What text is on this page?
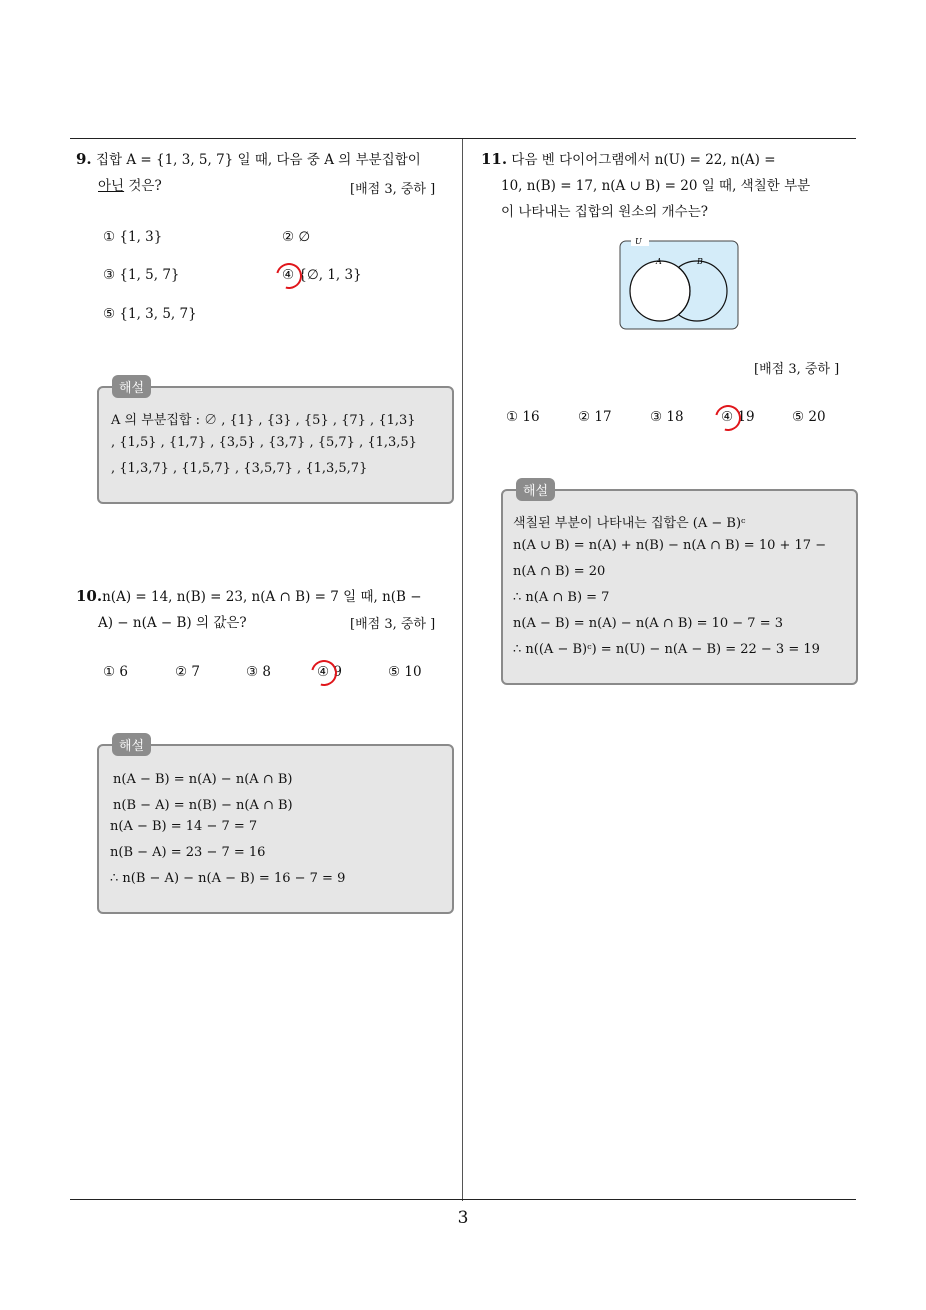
9. 집합 A = {1, 3, 5, 7} 일 때, 다음 중 A 의 부분집합이
아닌 것은?	[배점 3, 중하 ]
① {1, 3}	② ∅
③ {1, 5, 7}	④ {∅, 1, 3}
⑤ {1, 3, 5, 7}
해설
A 의 부분집합 : ∅ , {1} , {3} , {5} , {7} , {1,3}
, {1,5} , {1,7} , {3,5} , {3,7} , {5,7} , {1,3,5}
, {1,3,7} , {1,5,7} , {3,5,7} , {1,3,5,7}
10.n(A) = 14, n(B) = 23, n(A ∩ B) = 7 일 때, n(B −
A) − n(A − B) 의 값은?	[배점 3, 중하 ]
① 6	② 7	③ 8	④ 9	⑤ 10
해설
n(A − B) = n(A) − n(A ∩ B)
n(B − A) = n(B) − n(A ∩ B)
n(A − B) = 14 − 7 = 7
n(B − A) = 23 − 7 = 16
∴ n(B − A) − n(A − B) = 16 − 7 = 9
11. 다음 벤 다이어그램에서 n(U) = 22, n(A) =
10, n(B) = 17, n(A ∪ B) = 20 일 때, 색칠한 부분
이 나타내는 집합의 원소의 개수는?
U
A	B
[배점 3, 중하 ]
① 16	② 17	③ 18	④ 19	⑤ 20
해설
색칠된 부분이 나타내는 집합은 (A − B)ᶜ
n(A ∪ B) = n(A) + n(B) − n(A ∩ B) = 10 + 17 −
n(A ∩ B) = 20
∴ n(A ∩ B) = 7
n(A − B) = n(A) − n(A ∩ B) = 10 − 7 = 3
∴ n((A − B)ᶜ) = n(U) − n(A − B) = 22 − 3 = 19
3
